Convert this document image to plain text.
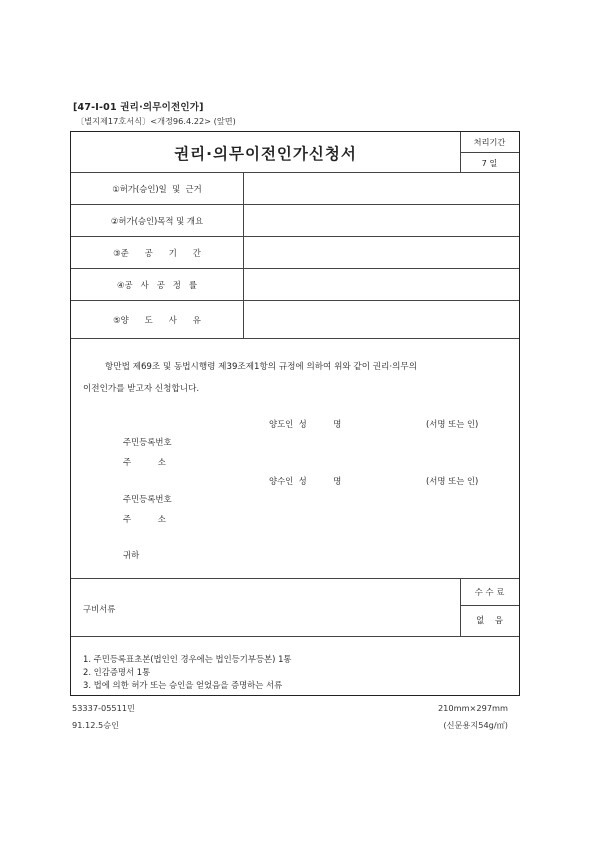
[47-Ⅰ-01 권리·의무이전인가]
〔별지제17호서식〕<개정96.4.22> (앞면)
권리·의무이전인가신청서
처리기간
7 일
①허가(승인)일  및  근거
②허가(승인)목적 및 개요
③준      공      기      간
④공   사   공   정   률
⑤양      도      사      유
항만법 제69조 및 동법시행령 제39조제1항의 규정에 의하여 위와 같이 권리·의무의
이전인가를 받고자 신청합니다.
양도인  성          명	(서명 또는 인)
주민등록번호
주          소
양수인  성          명	(서명 또는 인)
주민등록번호
주          소
귀하
구비서류
수 수 료
없    음
1. 주민등록표초본(법인인 경우에는 법인등기부등본) 1통
2. 인감증명서 1통
3. 법에 의한 허가 또는 승인을 얻었음을 증명하는 서류
53337-05511민
91.12.5승인
210mm×297mm
(신문용지54g/㎡)
